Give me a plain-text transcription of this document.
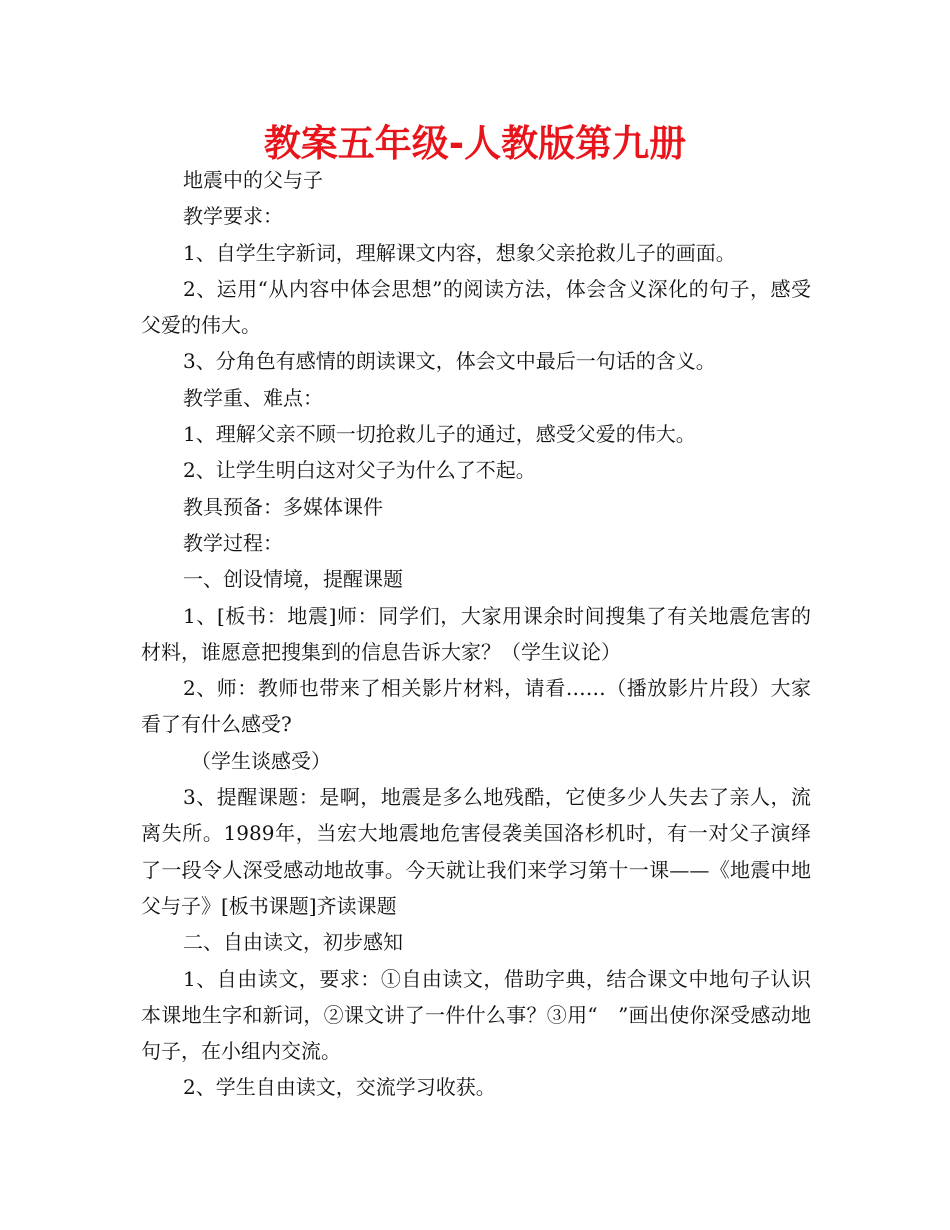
教案五年级-人教版第九册

地震中的父与子

教学要求：

1、自学生字新词，理解课文内容，想象父亲抢救儿子的画面。

2、运用“从内容中体会思想”的阅读方法，体会含义深化的句子，感受父爱的伟大。

3、分角色有感情的朗读课文，体会文中最后一句话的含义。

教学重、难点：

1、理解父亲不顾一切抢救儿子的通过，感受父爱的伟大。

2、让学生明白这对父子为什么了不起。

教具预备：多媒体课件

教学过程：

一、创设情境，提醒课题

1、[板书：地震]师：同学们，大家用课余时间搜集了有关地震危害的材料，谁愿意把搜集到的信息告诉大家？（学生议论）

2、师：教师也带来了相关影片材料，请看……（播放影片片段）大家看了有什么感受?

（学生谈感受）

3、提醒课题：是啊，地震是多么地残酷，它使多少人失去了亲人，流离失所。1989年，当宏大地震地危害侵袭美国洛杉机时，有一对父子演绎了一段令人深受感动地故事。今天就让我们来学习第十一课——《地震中地父与子》[板书课题]齐读课题

二、自由读文，初步感知

1、自由读文，要求：①自由读文，借助字典，结合课文中地句子认识本课地生字和新词，②课文讲了一件什么事？③用“　”画出使你深受感动地句子，在小组内交流。

2、学生自由读文，交流学习收获。
